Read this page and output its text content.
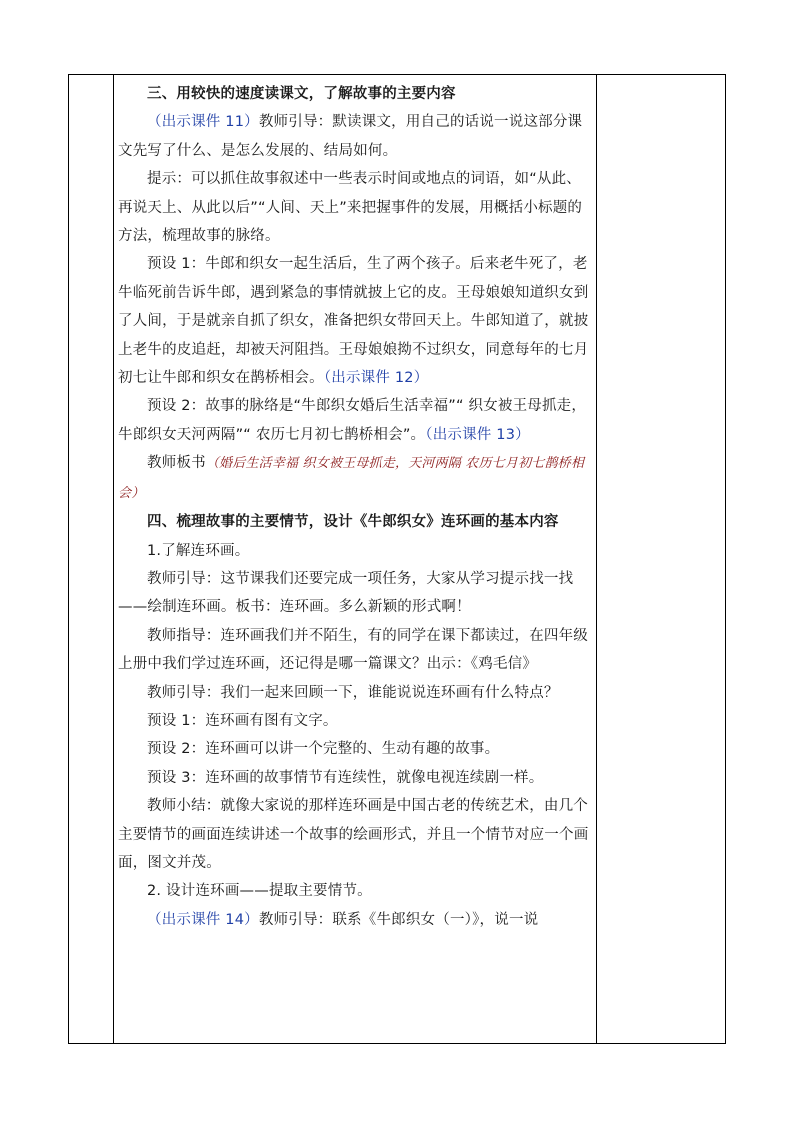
三、用较快的速度读课文，了解故事的主要内容

（出示课件 11）教师引导：默读课文，用自己的话说一说这部分课文先写了什么、是怎么发展的、结局如何。

提示：可以抓住故事叙述中一些表示时间或地点的词语，如“从此、再说天上、从此以后”“人间、天上”来把握事件的发展，用概括小标题的方法，梳理故事的脉络。

预设 1：牛郎和织女一起生活后，生了两个孩子。后来老牛死了，老牛临死前告诉牛郎，遇到紧急的事情就披上它的皮。王母娘娘知道织女到了人间，于是就亲自抓了织女，准备把织女带回天上。牛郎知道了，就披上老牛的皮追赶，却被天河阻挡。王母娘娘拗不过织女，同意每年的七月初七让牛郎和织女在鹊桥相会。（出示课件 12）

预设 2：故事的脉络是“牛郎织女婚后生活幸福”“ 织女被王母抓走，牛郎织女天河两隔”“ 农历七月初七鹊桥相会”。（出示课件 13）

教师板书（婚后生活幸福 织女被王母抓走，天河两隔 农历七月初七鹊桥相会）

四、梳理故事的主要情节，设计《牛郎织女》连环画的基本内容

1.了解连环画。

教师引导：这节课我们还要完成一项任务，大家从学习提示找一找——绘制连环画。板书：连环画。多么新颖的形式啊！

教师指导：连环画我们并不陌生，有的同学在课下都读过，在四年级上册中我们学过连环画，还记得是哪一篇课文？出示：《鸡毛信》

教师引导：我们一起来回顾一下，谁能说说连环画有什么特点？

预设 1：连环画有图有文字。

预设 2：连环画可以讲一个完整的、生动有趣的故事。

预设 3：连环画的故事情节有连续性，就像电视连续剧一样。

教师小结：就像大家说的那样连环画是中国古老的传统艺术，由几个主要情节的画面连续讲述一个故事的绘画形式，并且一个情节对应一个画面，图文并茂。

2. 设计连环画——提取主要情节。

（出示课件 14）教师引导：联系《牛郎织女（一）》，说一说
